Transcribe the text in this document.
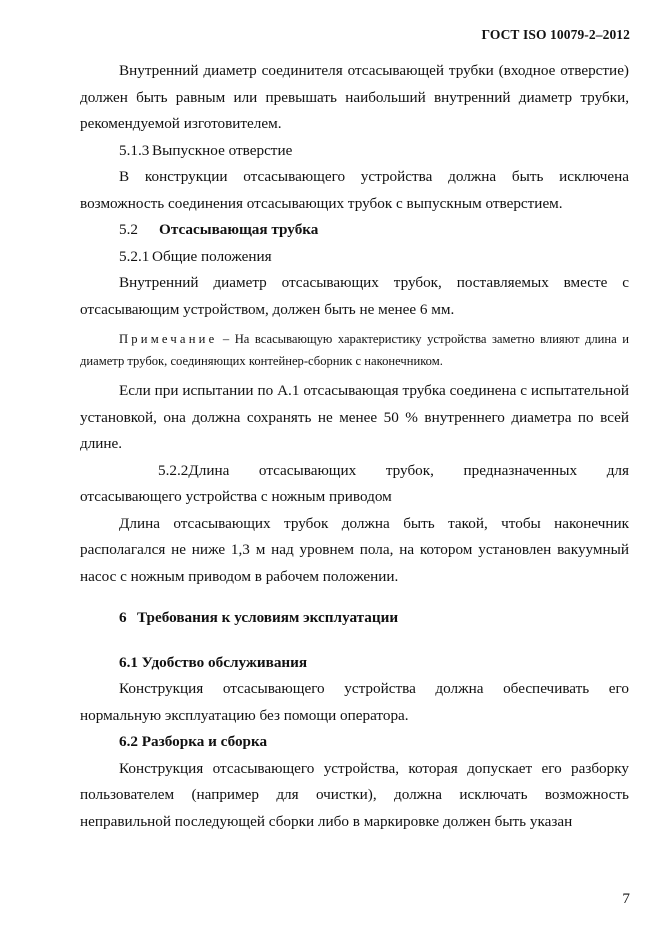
ГОСТ ISO 10079-2–2012

Внутренний диаметр соединителя отсасывающей трубки (входное отверстие) должен быть равным или превышать наибольший внутренний диаметр трубки, рекомендуемой изготовителем.

5.1.3 Выпускное отверстие

В конструкции отсасывающего устройства должна быть исключена возможность соединения отсасывающих трубок с выпускным отверстием.

5.2 Отсасывающая трубка

5.2.1 Общие положения

Внутренний диаметр отсасывающих трубок, поставляемых вместе с отсасывающим устройством, должен быть не менее 6 мм.

Примечание – На всасывающую характеристику устройства заметно влияют длина и диаметр трубок, соединяющих контейнер-сборник с наконечником.

Если при испытании по А.1 отсасывающая трубка соединена с испытательной установкой, она должна сохранять не менее 50 % внутреннего диаметра по всей длине.

5.2.2Длина отсасывающих трубок, предназначенных для отсасывающего устройства с ножным приводом

Длина отсасывающих трубок должна быть такой, чтобы наконечник располагался не ниже 1,3 м над уровнем пола, на котором установлен вакуумный насос с ножным приводом в рабочем положении.

6 Требования к условиям эксплуатации

6.1 Удобство обслуживания

Конструкция отсасывающего устройства должна обеспечивать его нормальную эксплуатацию без помощи оператора.

6.2 Разборка и сборка

Конструкция отсасывающего устройства, которая допускает его разборку пользователем (например для очистки), должна исключать возможность неправильной последующей сборки либо в маркировке должен быть указан

7
